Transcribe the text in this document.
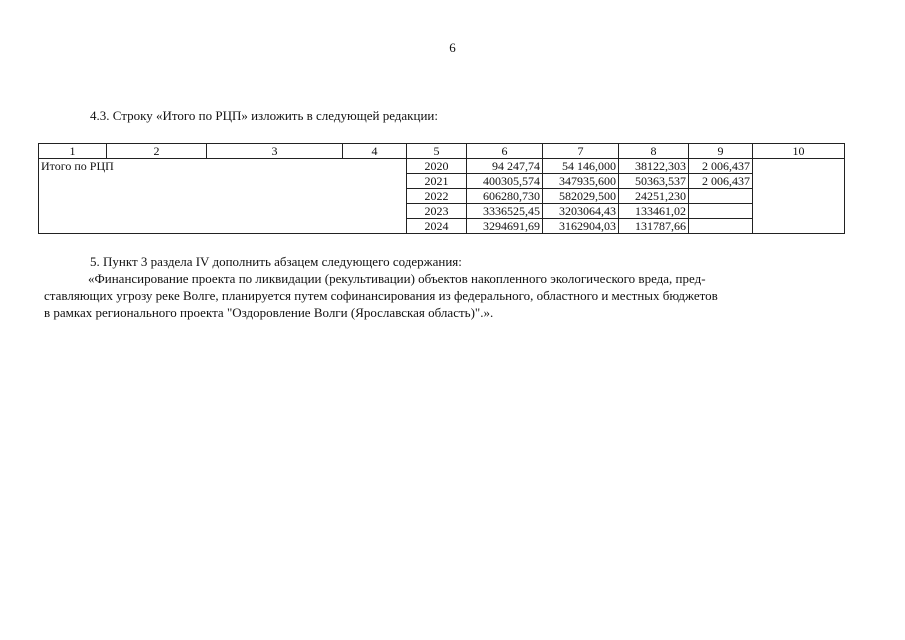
6
4.3. Строку «Итого по РЦП» изложить в следующей редакции:
1	2	3	4	5	6	7	8	9	10
Итого по РЦП				2020	94 247,74	54 146,000	38122,303	2 006,437	
				2021	400305,574	347935,600	50363,537	2 006,437	
				2022	606280,730	582029,500	24251,230		
				2023	3336525,45	3203064,43	133461,02		
				2024	3294691,69	3162904,03	131787,66		
5. Пункт 3 раздела IV дополнить абзацем следующего содержания:
«Финансирование проекта по ликвидации (рекультивации) объектов накопленного экологического вреда, пред-
ставляющих угрозу реке Волге, планируется путем софинансирования из федерального, областного и местных бюджетов
в рамках регионального проекта "Оздоровление Волги (Ярославская область)".».
